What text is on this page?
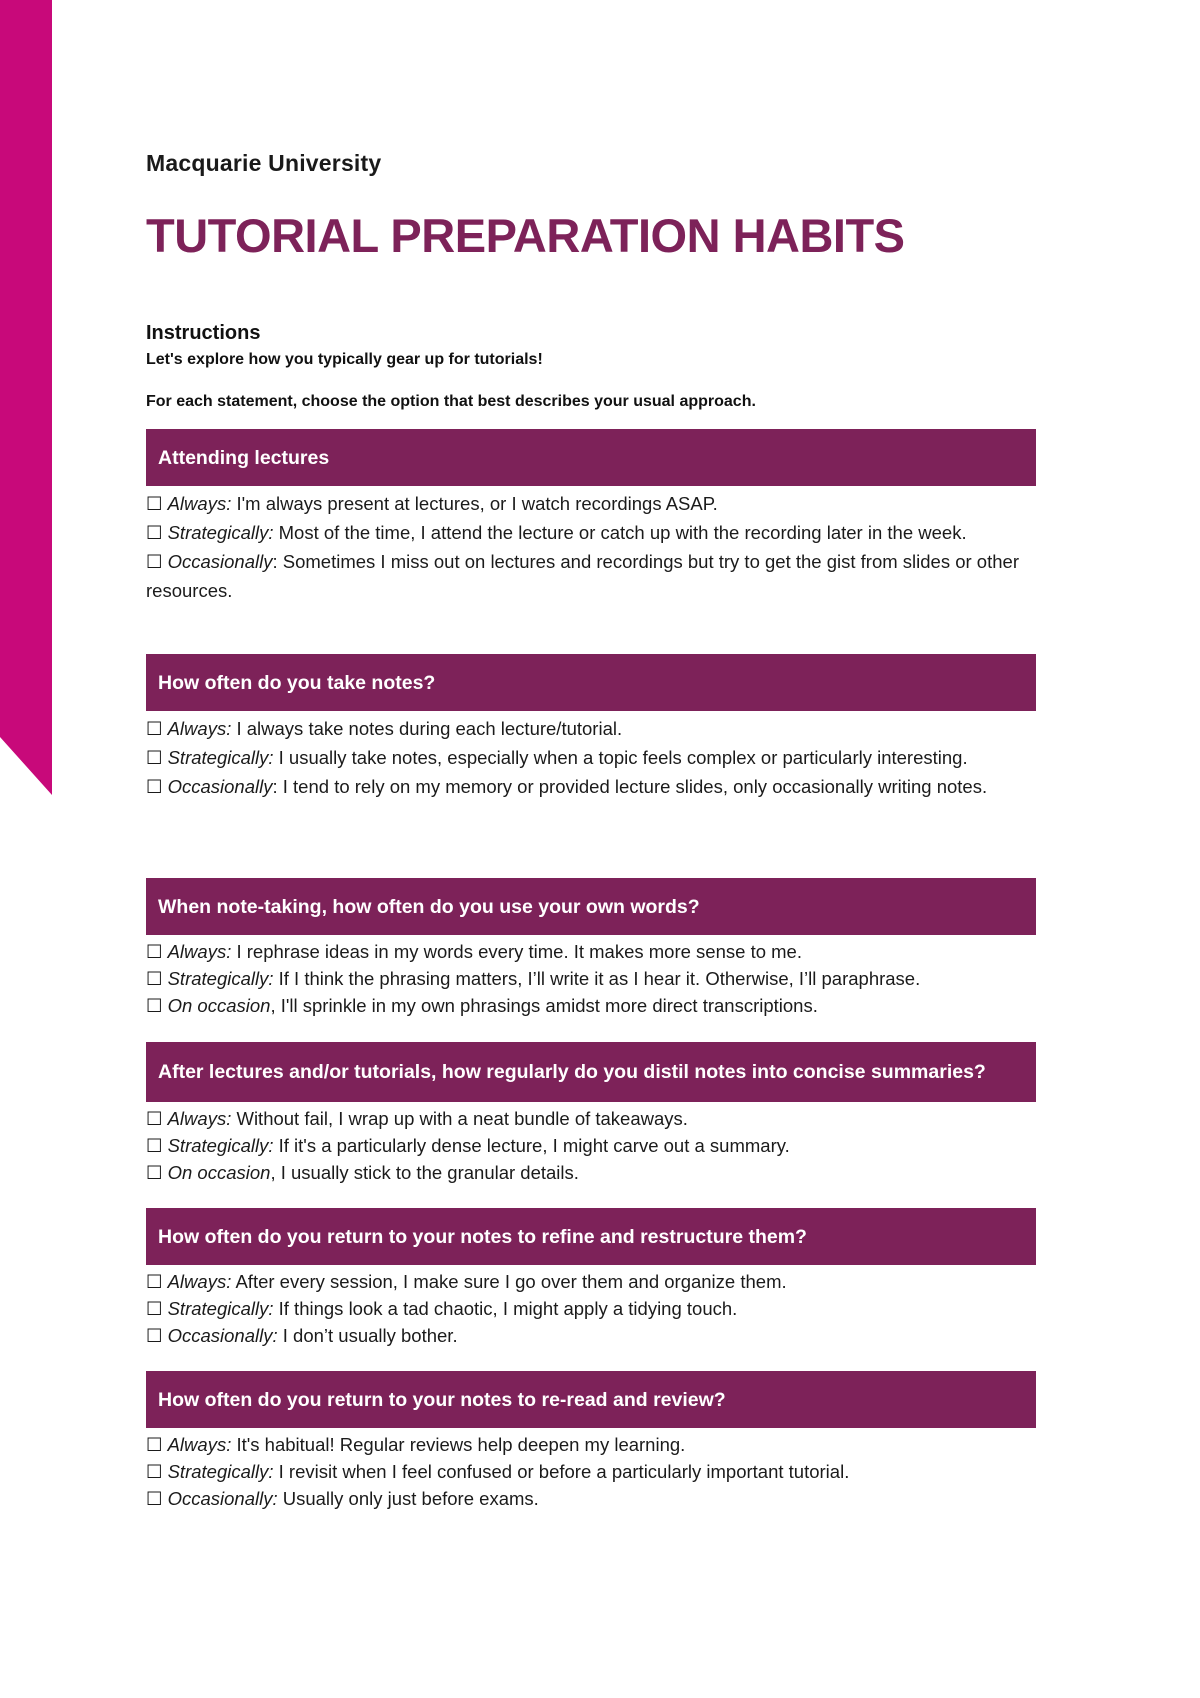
Macquarie University
TUTORIAL PREPARATION HABITS

Instructions

Let's explore how you typically gear up for tutorials!

For each statement, choose the option that best describes your usual approach.

Attending lectures
☐ Always: I'm always present at lectures, or I watch recordings ASAP.
☐ Strategically: Most of the time, I attend the lecture or catch up with the recording later in the week.
☐ Occasionally: Sometimes I miss out on lectures and recordings but try to get the gist from slides or other resources.
How often do you take notes?
☐ Always: I always take notes during each lecture/tutorial.
☐ Strategically: I usually take notes, especially when a topic feels complex or particularly interesting.
☐ Occasionally: I tend to rely on my memory or provided lecture slides, only occasionally writing notes.
When note-taking, how often do you use your own words?
☐ Always: I rephrase ideas in my words every time. It makes more sense to me.
☐ Strategically: If I think the phrasing matters, I’ll write it as I hear it. Otherwise, I’ll paraphrase.
☐ On occasion, I'll sprinkle in my own phrasings amidst more direct transcriptions.
After lectures and/or tutorials, how regularly do you distil notes into concise summaries?
☐ Always: Without fail, I wrap up with a neat bundle of takeaways.
☐ Strategically: If it's a particularly dense lecture, I might carve out a summary.
☐ On occasion, I usually stick to the granular details.
How often do you return to your notes to refine and restructure them?
☐ Always: After every session, I make sure I go over them and organize them.
☐ Strategically: If things look a tad chaotic, I might apply a tidying touch.
☐ Occasionally: I don’t usually bother.
How often do you return to your notes to re-read and review?
☐ Always: It's habitual! Regular reviews help deepen my learning.
☐ Strategically: I revisit when I feel confused or before a particularly important tutorial.
☐ Occasionally: Usually only just before exams.
